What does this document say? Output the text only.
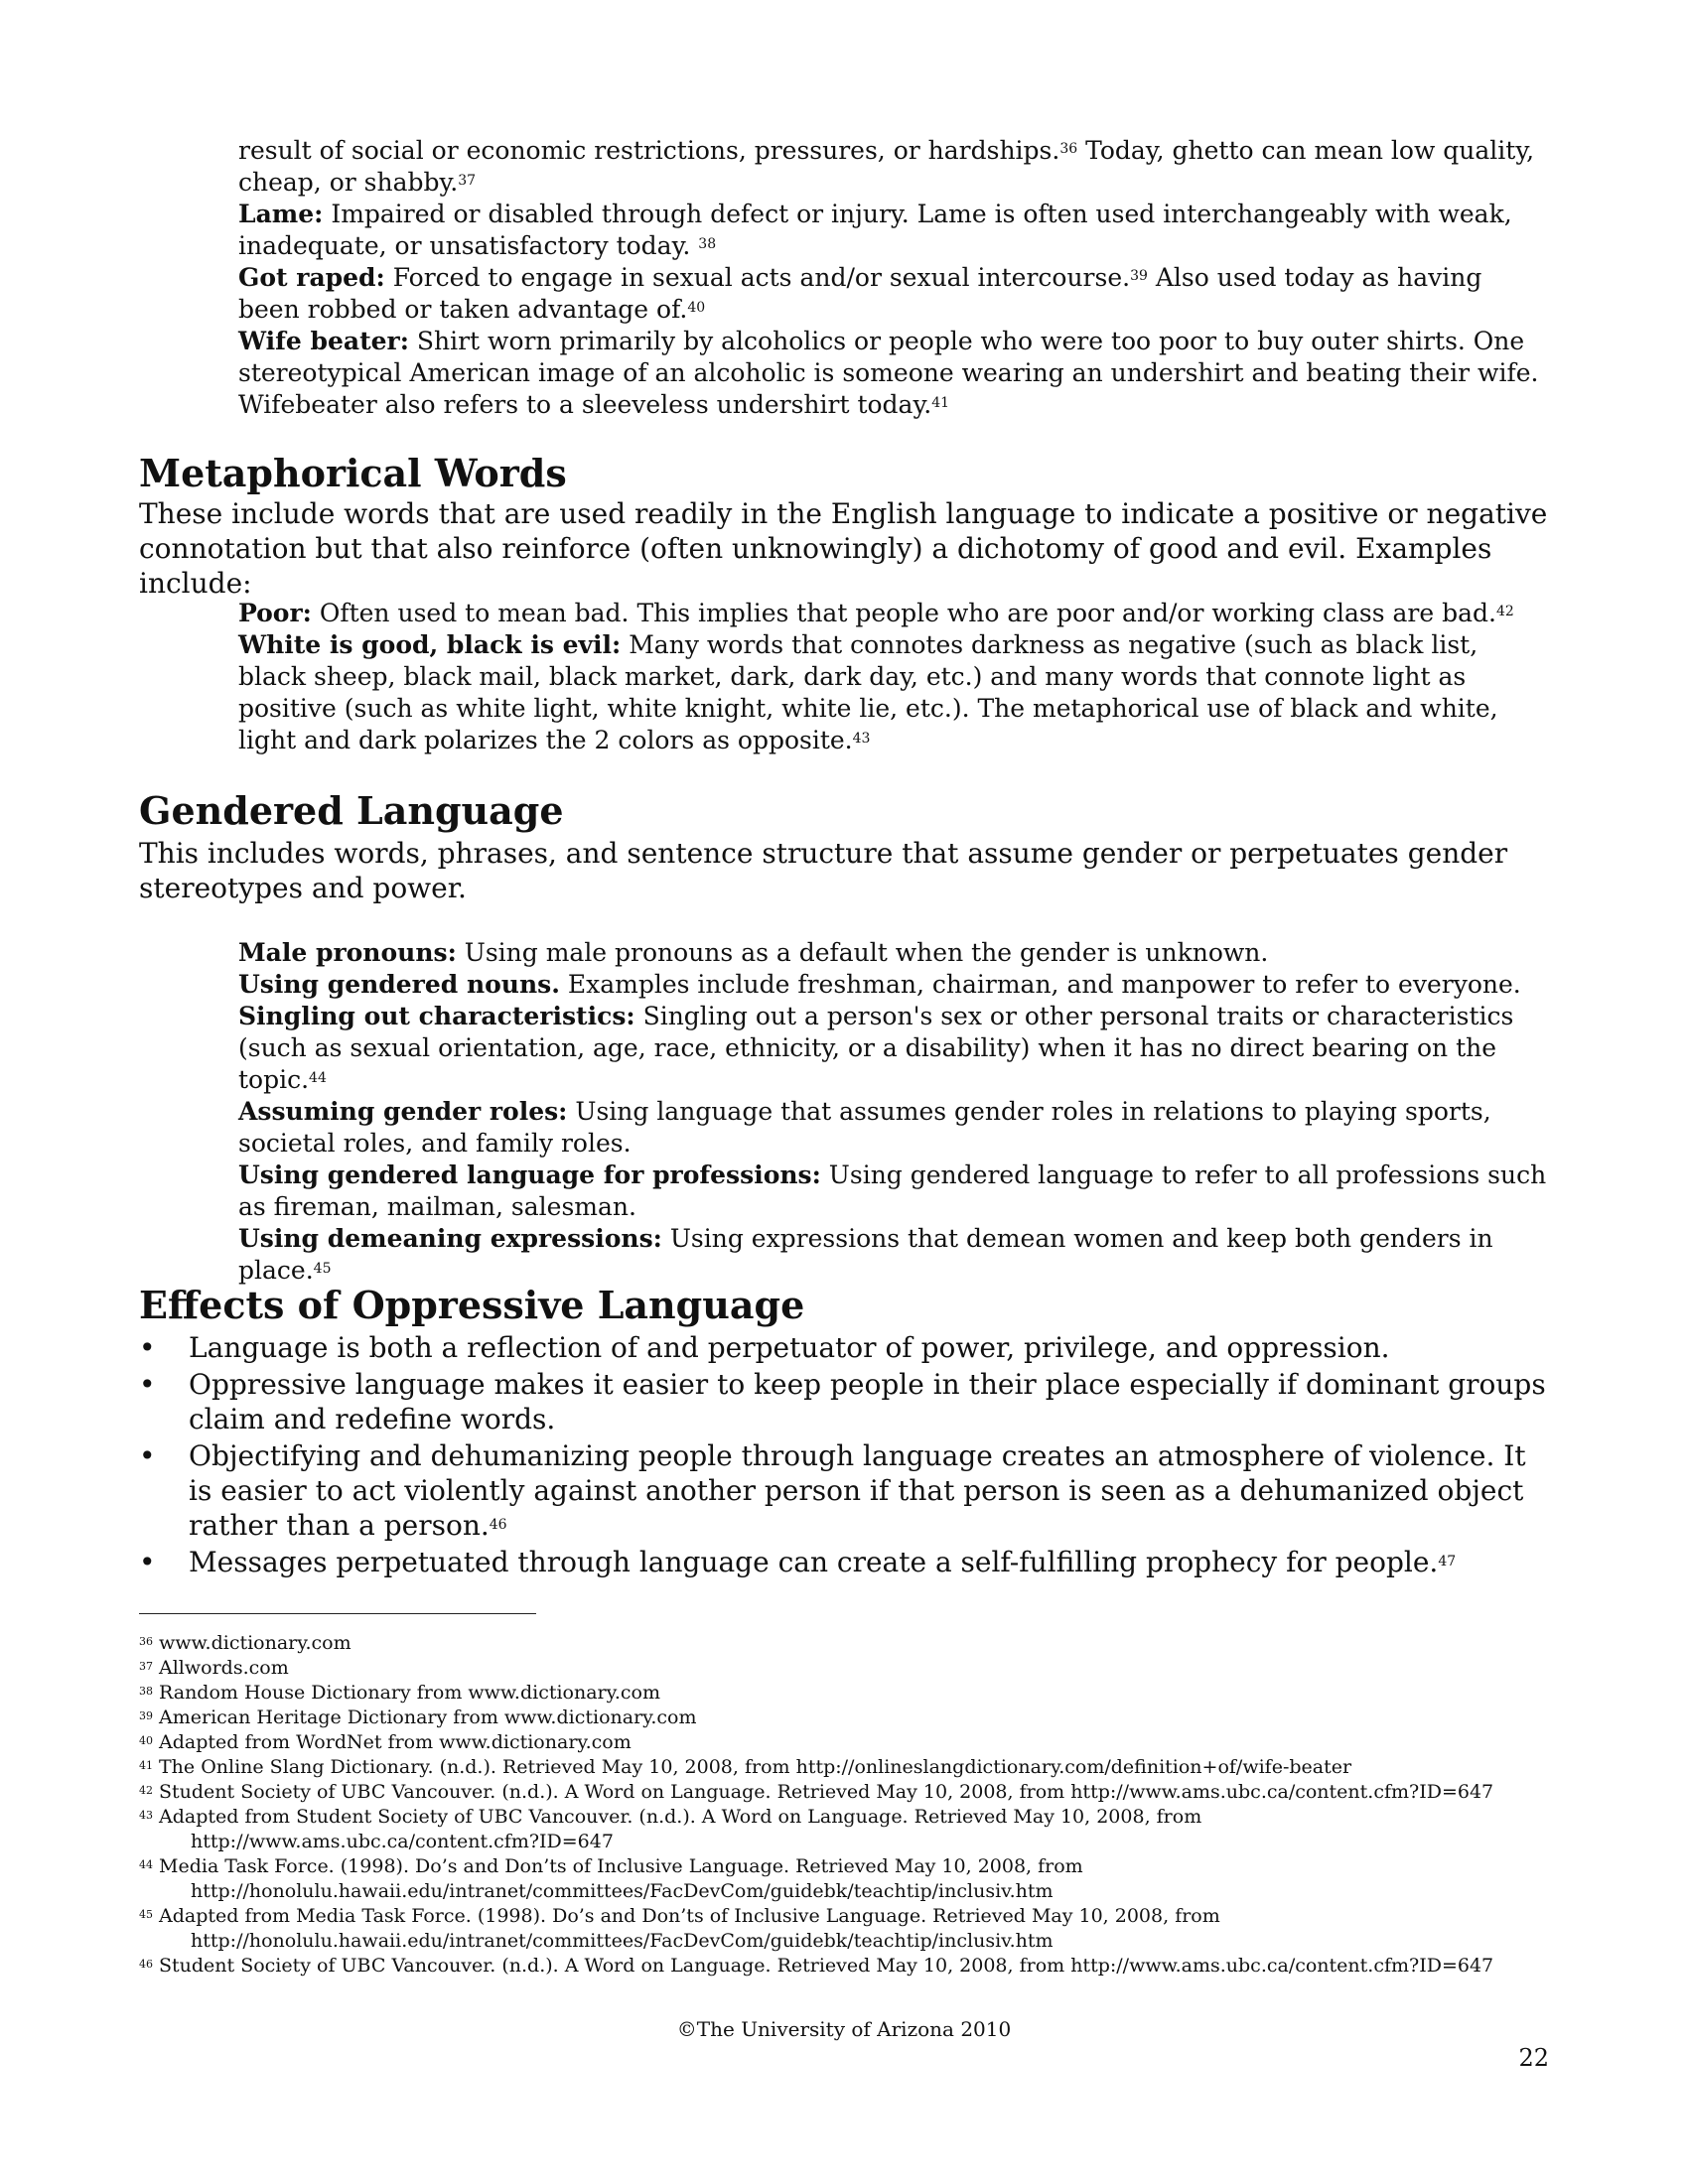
result of social or economic restrictions, pressures, or hardships.$^{36}$ Today, ghetto can mean low quality, cheap, or shabby.$^{37}$

Lame: Impaired or disabled through defect or injury. Lame is often used interchangeably with weak, inadequate, or unsatisfactory today. $^{38}$

Got raped: Forced to engage in sexual acts and/or sexual intercourse.$^{39}$ Also used today as having been robbed or taken advantage of.$^{40}$

Wife beater: Shirt worn primarily by alcoholics or people who were too poor to buy outer shirts. One stereotypical American image of an alcoholic is someone wearing an undershirt and beating their wife. Wifebeater also refers to a sleeveless undershirt today.$^{41}$

Metaphorical Words

These include words that are used readily in the English language to indicate a positive or negative connotation but that also reinforce (often unknowingly) a dichotomy of good and evil. Examples include:

Poor: Often used to mean bad. This implies that people who are poor and/or working class are bad.$^{42}$

White is good, black is evil: Many words that connotes darkness as negative (such as black list, black sheep, black mail, black market, dark, dark day, etc.) and many words that connote light as positive (such as white light, white knight, white lie, etc.). The metaphorical use of black and white, light and dark polarizes the 2 colors as opposite.$^{43}$

Gendered Language

This includes words, phrases, and sentence structure that assume gender or perpetuates gender stereotypes and power.

Male pronouns: Using male pronouns as a default when the gender is unknown.

Using gendered nouns. Examples include freshman, chairman, and manpower to refer to everyone.

Singling out characteristics: Singling out a person's sex or other personal traits or characteristics (such as sexual orientation, age, race, ethnicity, or a disability) when it has no direct bearing on the topic.$^{44}$

Assuming gender roles: Using language that assumes gender roles in relations to playing sports, societal roles, and family roles.

Using gendered language for professions: Using gendered language to refer to all professions such as fireman, mailman, salesman.

Using demeaning expressions: Using expressions that demean women and keep both genders in place.$^{45}$

Effects of Oppressive Language
• Language is both a reflection of and perpetuator of power, privilege, and oppression.
• Oppressive language makes it easier to keep people in their place especially if dominant groups claim and redefine words.
• Objectifying and dehumanizing people through language creates an atmosphere of violence. It is easier to act violently against another person if that person is seen as a dehumanized object rather than a person.$^{46}$
• Messages perpetuated through language can create a self-fulfilling prophecy for people.$^{47}$

$^{36}$ www.dictionary.com

$^{37}$ Allwords.com

$^{38}$ Random House Dictionary from www.dictionary.com

$^{39}$ American Heritage Dictionary from www.dictionary.com

$^{40}$ Adapted from WordNet from www.dictionary.com

$^{41}$ The Online Slang Dictionary. (n.d.). Retrieved May 10, 2008, from http://onlineslangdictionary.com/definition+of/wife-beater

$^{42}$ Student Society of UBC Vancouver. (n.d.). A Word on Language. Retrieved May 10, 2008, from http://www.ams.ubc.ca/content.cfm?ID=647

$^{43}$ Adapted from Student Society of UBC Vancouver. (n.d.). A Word on Language. Retrieved May 10, 2008, from
http://www.ams.ubc.ca/content.cfm?ID=647

$^{44}$ Media Task Force. (1998). Do’s and Don’ts of Inclusive Language. Retrieved May 10, 2008, from
http://honolulu.hawaii.edu/intranet/committees/FacDevCom/guidebk/teachtip/inclusiv.htm

$^{45}$ Adapted from Media Task Force. (1998). Do’s and Don’ts of Inclusive Language. Retrieved May 10, 2008, from
http://honolulu.hawaii.edu/intranet/committees/FacDevCom/guidebk/teachtip/inclusiv.htm

$^{46}$ Student Society of UBC Vancouver. (n.d.). A Word on Language. Retrieved May 10, 2008, from http://www.ams.ubc.ca/content.cfm?ID=647

©The University of Arizona 2010
22
